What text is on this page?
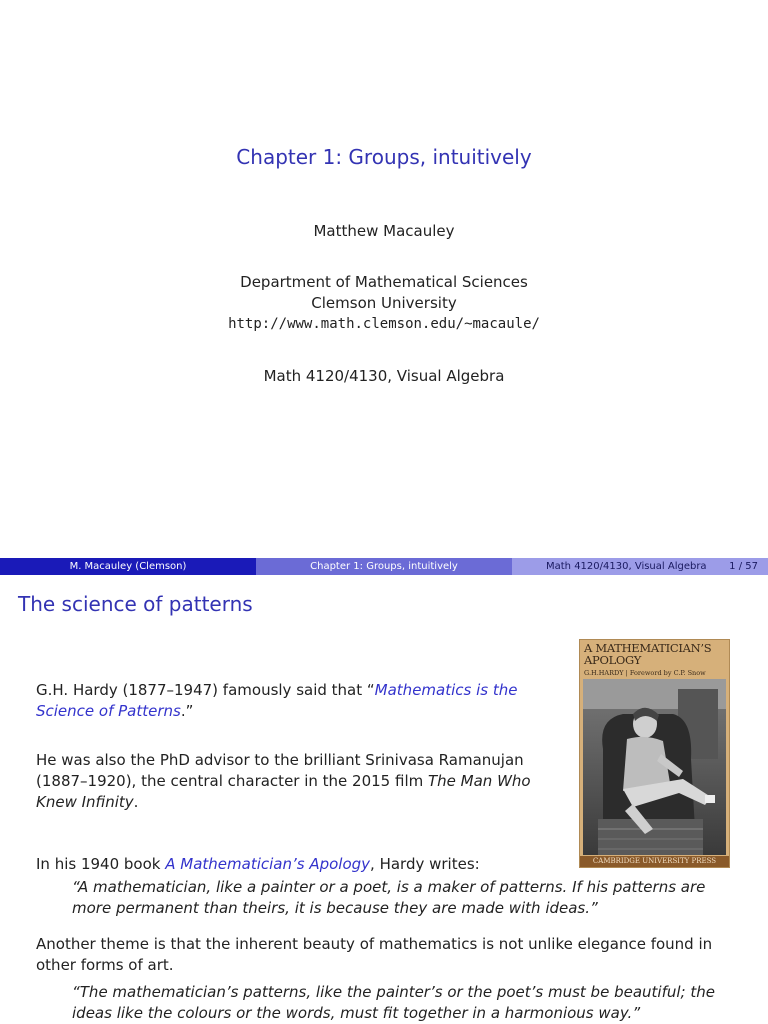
Chapter 1: Groups, intuitively
Matthew Macauley
Department of Mathematical Sciences
Clemson University
http://www.math.clemson.edu/~macaule/
Math 4120/4130, Visual Algebra
M. Macauley (Clemson)	Chapter 1: Groups, intuitively	Math 4120/4130, Visual Algebra 1 / 57
The science of patterns
G.H. Hardy (1877–1947) famously said that “Mathematics is the Science of Patterns.”
He was also the PhD advisor to the brilliant Srinivasa Ramanujan (1887–1920), the central character in the 2015 film The Man Who Knew Infinity.
In his 1940 book A Mathematician’s Apology, Hardy writes:
“A mathematician, like a painter or a poet, is a maker of patterns. If his patterns are more permanent than theirs, it is because they are made with ideas.”
Another theme is that the inherent beauty of mathematics is not unlike elegance found in other forms of art.
“The mathematician’s patterns, like the painter’s or the poet’s must be beautiful; the ideas like the colours or the words, must fit together in a harmonious way.”
A MATHEMATICIAN’S APOLOGY
G.H.HARDY | Foreword by C.P. Snow
CAMBRIDGE UNIVERSITY PRESS
